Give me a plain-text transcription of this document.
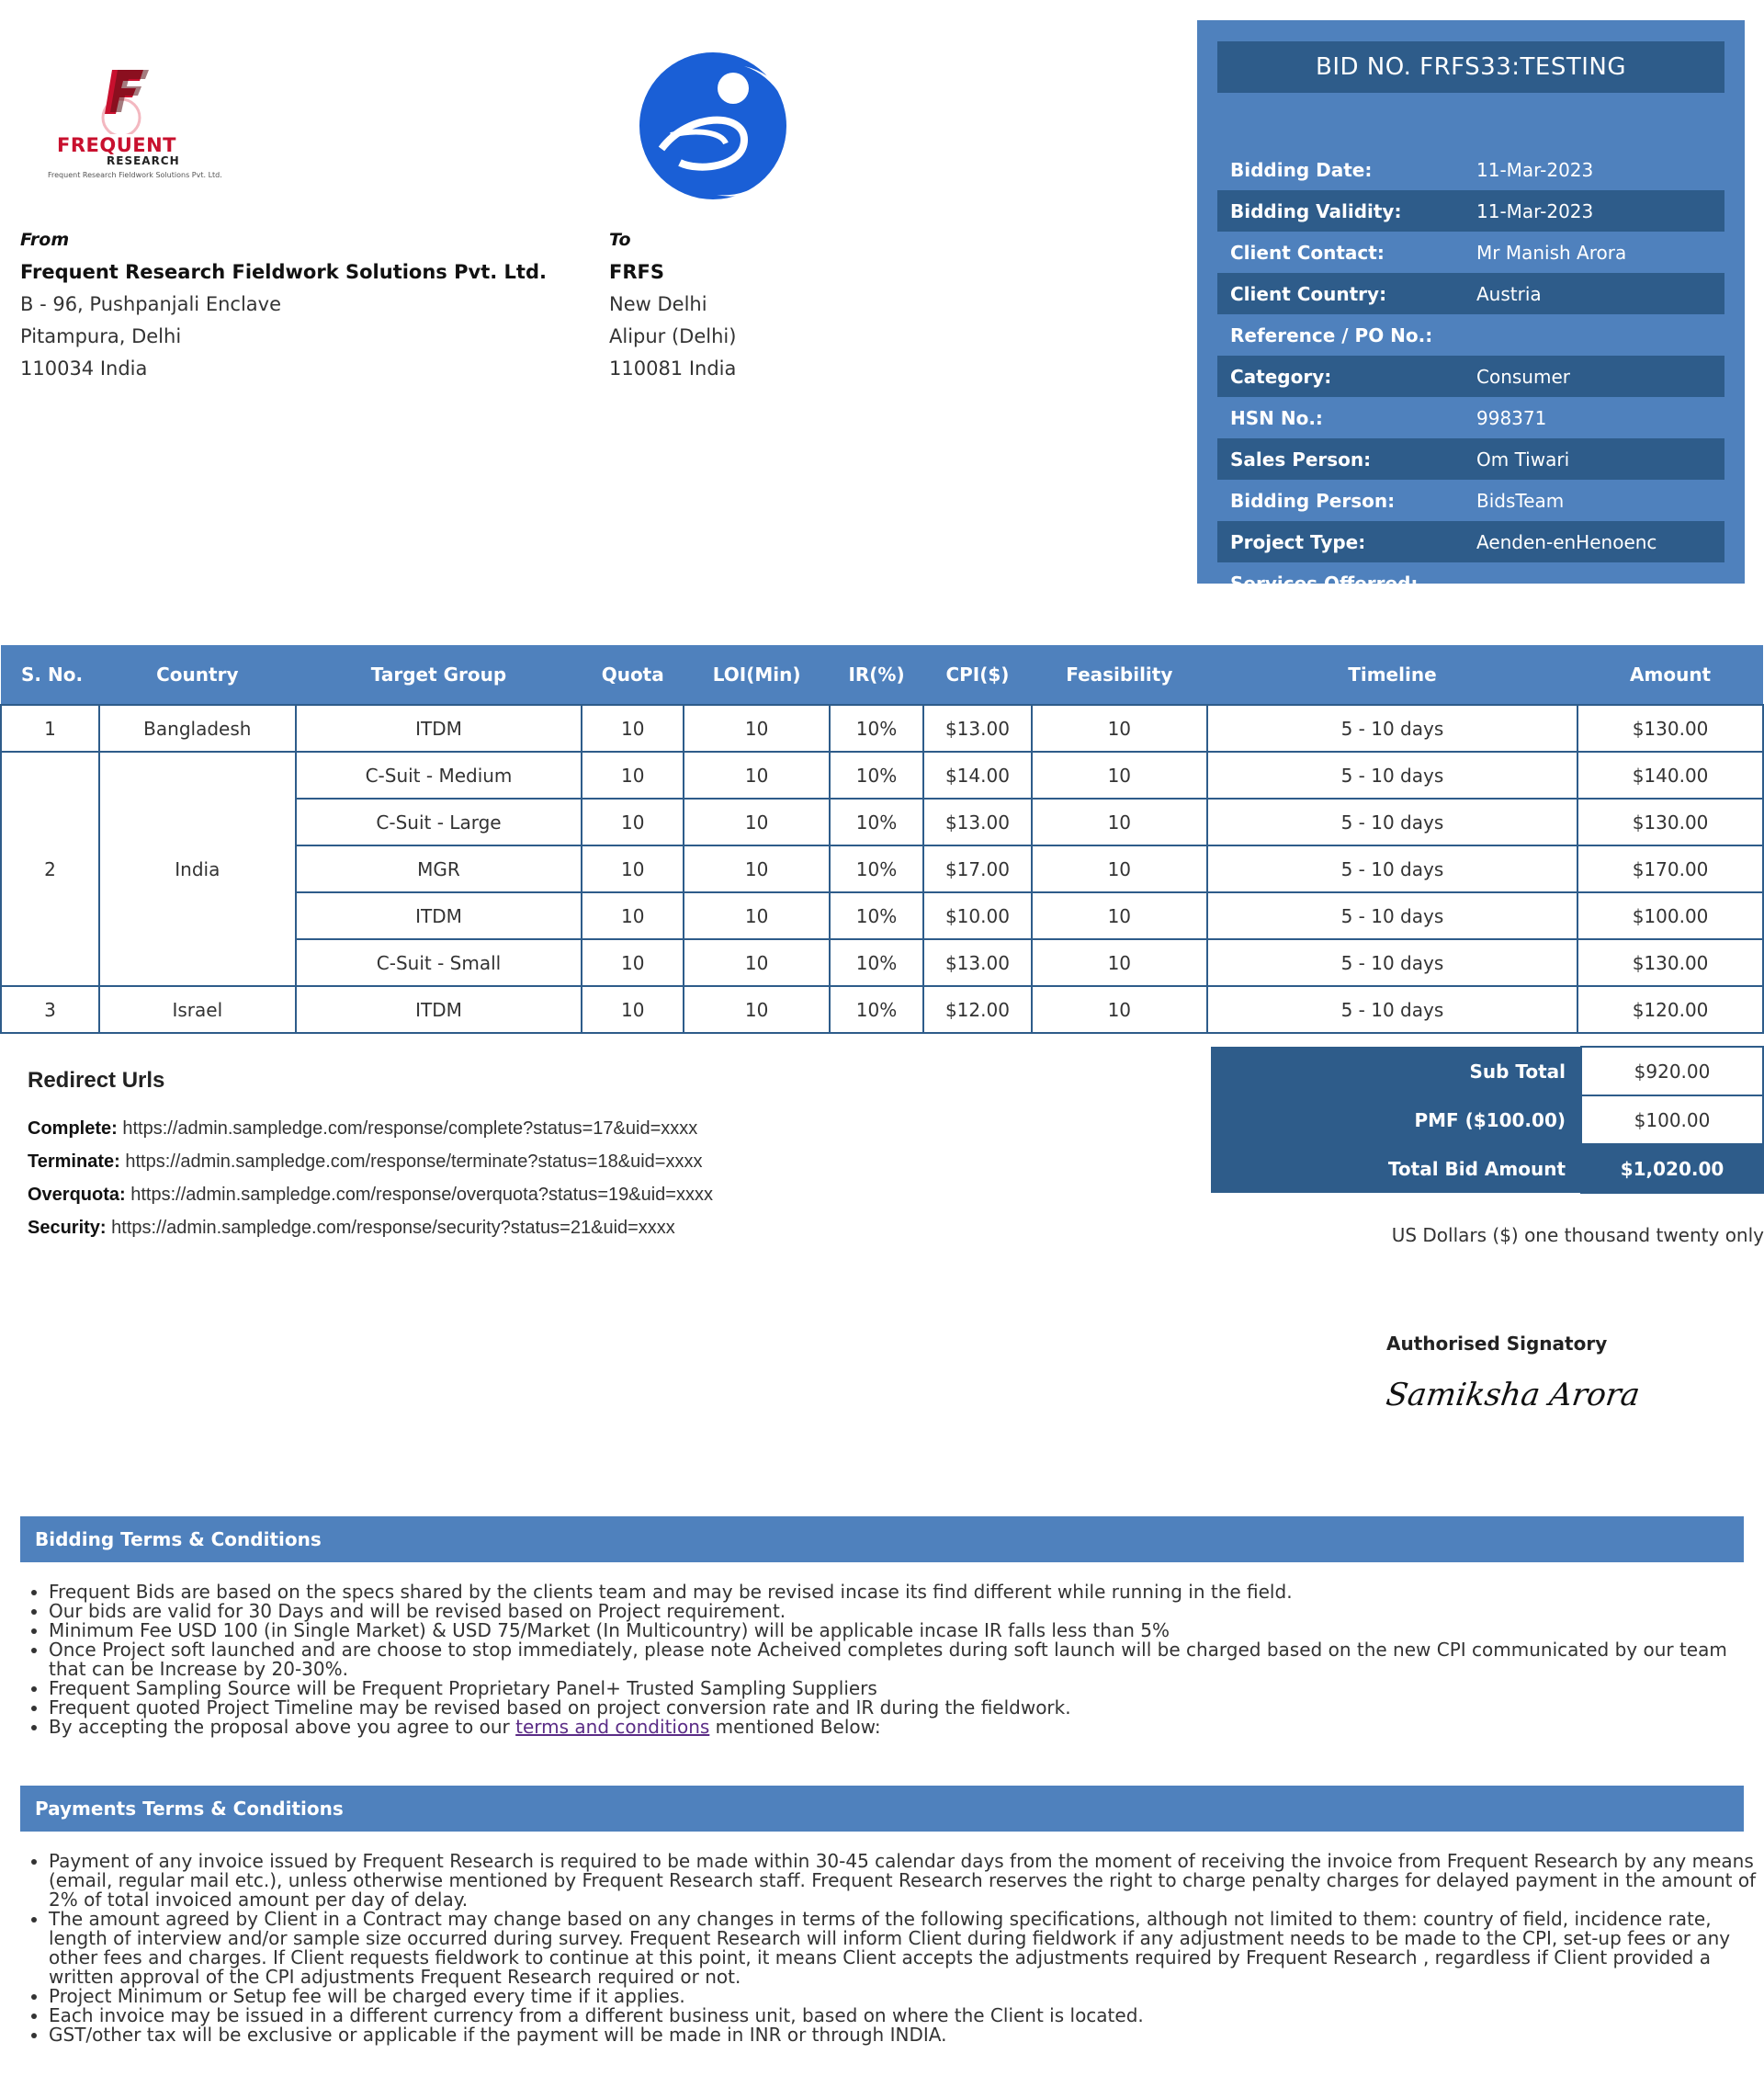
FREQUENT
RESEARCH
Frequent Research Fieldwork Solutions Pvt. Ltd.
From
Frequent Research Fieldwork Solutions Pvt. Ltd.
B - 96, Pushpanjali Enclave
Pitampura, Delhi
110034 India
To
FRFS
New Delhi
Alipur (Delhi)
110081 India
BID NO. FRFS33:TESTING
Bidding Date:	11-Mar-2023
Bidding Validity:	11-Mar-2023
Client Contact:	Mr Manish Arora
Client Country:	Austria
Reference / PO No.:
Category:	Consumer
HSN No.:	998371
Sales Person:	Om Tiwari
Bidding Person:	BidsTeam
Project Type:	Aenden-enHenoenc
Services Offerred:
S. No.	Country	Target Group	Quota	LOI(Min)	IR(%)	CPI($)	Feasibility	Timeline	Amount
1	Bangladesh	ITDM	10	10	10%	$13.00	10	5 - 10 days	$130.00
2	India	C-Suit - Medium	10	10	10%	$14.00	10	5 - 10 days	$140.00
		C-Suit - Large	10	10	10%	$13.00	10	5 - 10 days	$130.00
		MGR	10	10	10%	$17.00	10	5 - 10 days	$170.00
		ITDM	10	10	10%	$10.00	10	5 - 10 days	$100.00
		C-Suit - Small	10	10	10%	$13.00	10	5 - 10 days	$130.00
3	Israel	ITDM	10	10	10%	$12.00	10	5 - 10 days	$120.00
Redirect Urls
Complete: https://admin.sampledge.com/response/complete?status=17&uid=xxxx
Terminate: https://admin.sampledge.com/response/terminate?status=18&uid=xxxx
Overquota: https://admin.sampledge.com/response/overquota?status=19&uid=xxxx
Security: https://admin.sampledge.com/response/security?status=21&uid=xxxx
Sub Total	$920.00
PMF ($100.00)	$100.00
Total Bid Amount	$1,020.00
US Dollars ($) one thousand twenty only
Authorised Signatory
Samiksha Arora
Bidding Terms & Conditions
• Frequent Bids are based on the specs shared by the clients team and may be revised incase its find different while running in the field.
• Our bids are valid for 30 Days and will be revised based on Project requirement.
• Minimum Fee USD 100 (in Single Market) & USD 75/Market (In Multicountry) will be applicable incase IR falls less than 5%
• Once Project soft launched and are choose to stop immediately, please note Acheived completes during soft launch will be charged based on the new CPI communicated by our team that can be Increase by 20-30%.
• Frequent Sampling Source will be Frequent Proprietary Panel+ Trusted Sampling Suppliers
• Frequent quoted Project Timeline may be revised based on project conversion rate and IR during the fieldwork.
• By accepting the proposal above you agree to our terms and conditions mentioned Below:
Payments Terms & Conditions
• Payment of any invoice issued by Frequent Research is required to be made within 30-45 calendar days from the moment of receiving the invoice from Frequent Research by any means (email, regular mail etc.), unless otherwise mentioned by Frequent Research staff. Frequent Research reserves the right to charge penalty charges for delayed payment in the amount of 2% of total invoiced amount per day of delay.
• The amount agreed by Client in a Contract may change based on any changes in terms of the following specifications, although not limited to them: country of field, incidence rate, length of interview and/or sample size occurred during survey. Frequent Research will inform Client during fieldwork if any adjustment needs to be made to the CPI, set-up fees or any other fees and charges. If Client requests fieldwork to continue at this point, it means Client accepts the adjustments required by Frequent Research , regardless if Client provided a written approval of the CPI adjustments Frequent Research required or not.
• Project Minimum or Setup fee will be charged every time if it applies.
• Each invoice may be issued in a different currency from a different business unit, based on where the Client is located.
• GST/other tax will be exclusive or applicable if the payment will be made in INR or through INDIA.
